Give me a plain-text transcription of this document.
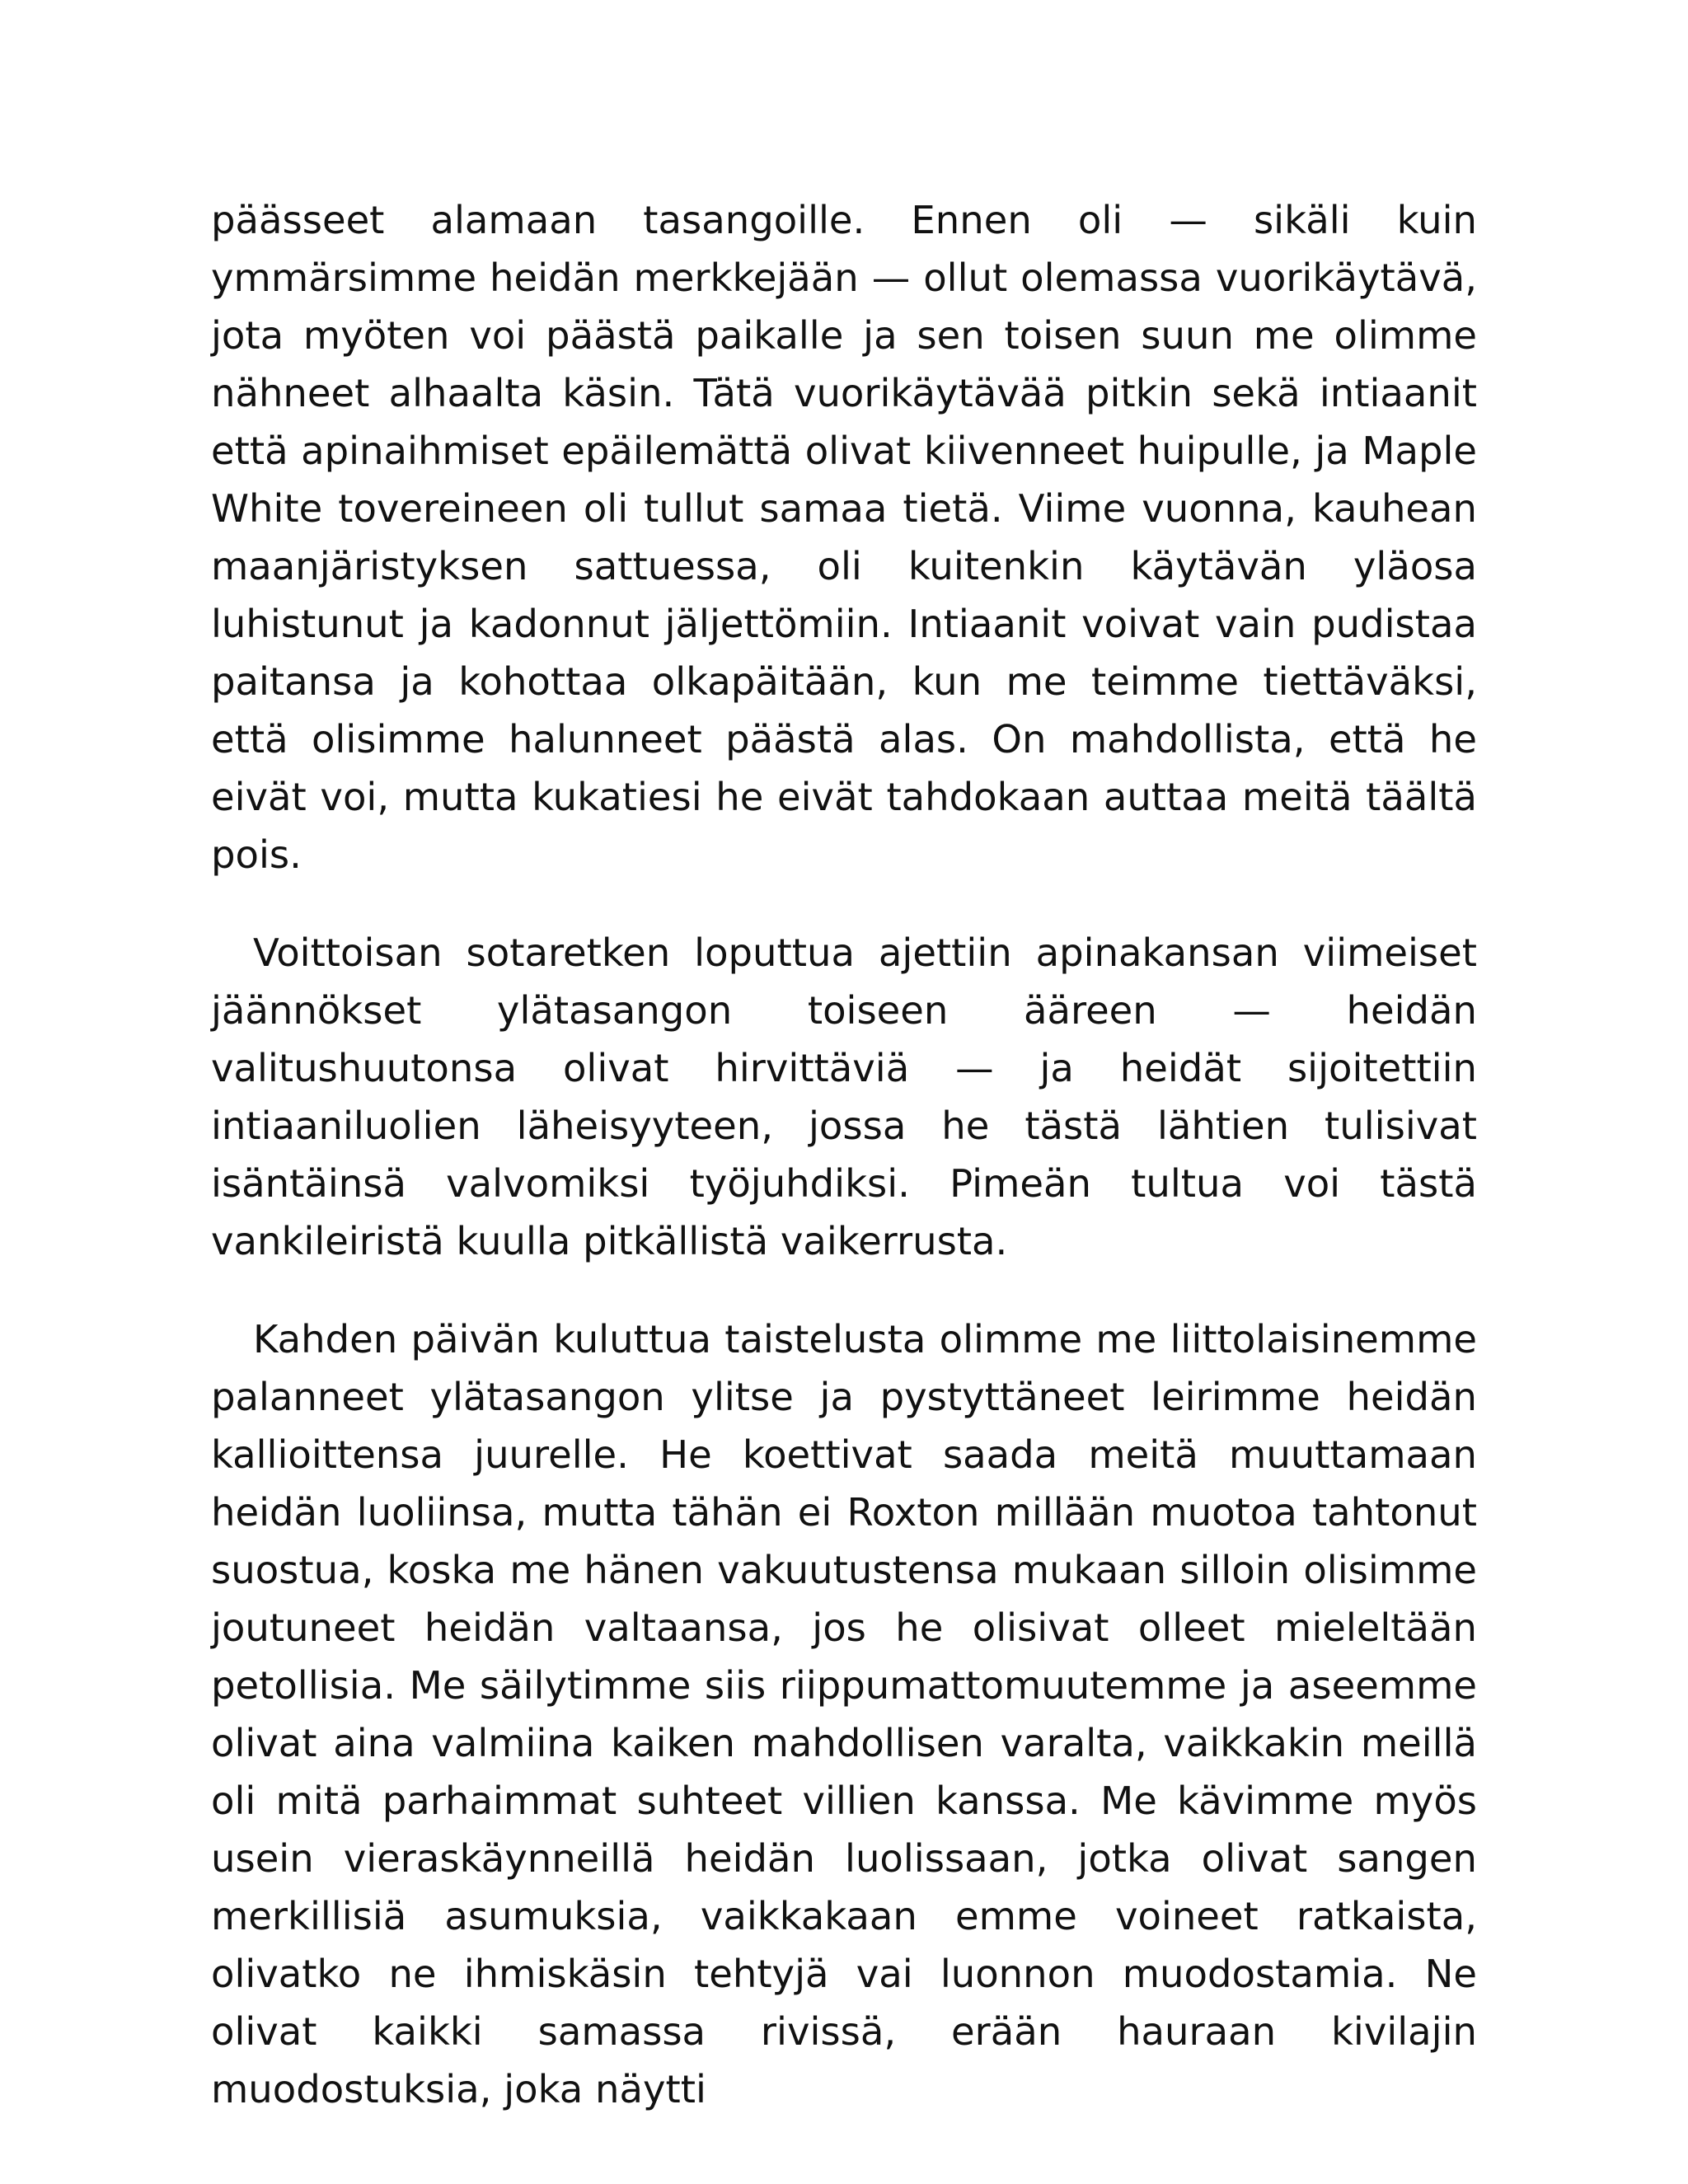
päässeet alamaan tasangoille. Ennen oli — sikäli kuin ymmärsimme heidän merkkejään — ollut olemassa vuorikäytävä, jota myöten voi päästä paikalle ja sen toisen suun me olimme nähneet alhaalta käsin. Tätä vuorikäytävää pitkin sekä intiaanit että apinaihmiset epäilemättä olivat kiivenneet huipulle, ja Maple White tovereineen oli tullut samaa tietä. Viime vuonna, kauhean maanjäristyksen sattuessa, oli kuitenkin käytävän yläosa luhistunut ja kadonnut jäljettömiin. Intiaanit voivat vain pudistaa paitansa ja kohottaa olkapäitään, kun me teimme tiettäväksi, että olisimme halunneet päästä alas. On mahdollista, että he eivät voi, mutta kukatiesi he eivät tahdokaan auttaa meitä täältä pois.

Voittoisan sotaretken loputtua ajettiin apinakansan viimeiset jäännökset ylätasangon toiseen ääreen — heidän valitushuutonsa olivat hirvittäviä — ja heidät sijoitettiin intiaaniluolien läheisyyteen, jossa he tästä lähtien tulisivat isäntäinsä valvomiksi työjuhdiksi. Pimeän tultua voi tästä vankileiristä kuulla pitkällistä vaikerrusta.

Kahden päivän kuluttua taistelusta olimme me liittolaisinemme palanneet ylätasangon ylitse ja pystyttäneet leirimme heidän kallioittensa juurelle. He koettivat saada meitä muuttamaan heidän luoliinsa, mutta tähän ei Roxton millään muotoa tahtonut suostua, koska me hänen vakuutustensa mukaan silloin olisimme joutuneet heidän valtaansa, jos he olisivat olleet mieleltään petollisia. Me säilytimme siis riippumattomuutemme ja aseemme olivat aina valmiina kaiken mahdollisen varalta, vaikkakin meillä oli mitä parhaimmat suhteet villien kanssa. Me kävimme myös usein vieraskäynneillä heidän luolissaan, jotka olivat sangen merkillisiä asumuksia, vaikkakaan emme voineet ratkaista, olivatko ne ihmiskäsin tehtyjä vai luonnon muodostamia. Ne olivat kaikki samassa rivissä, erään hauraan kivilajin muodostuksia, joka näytti
